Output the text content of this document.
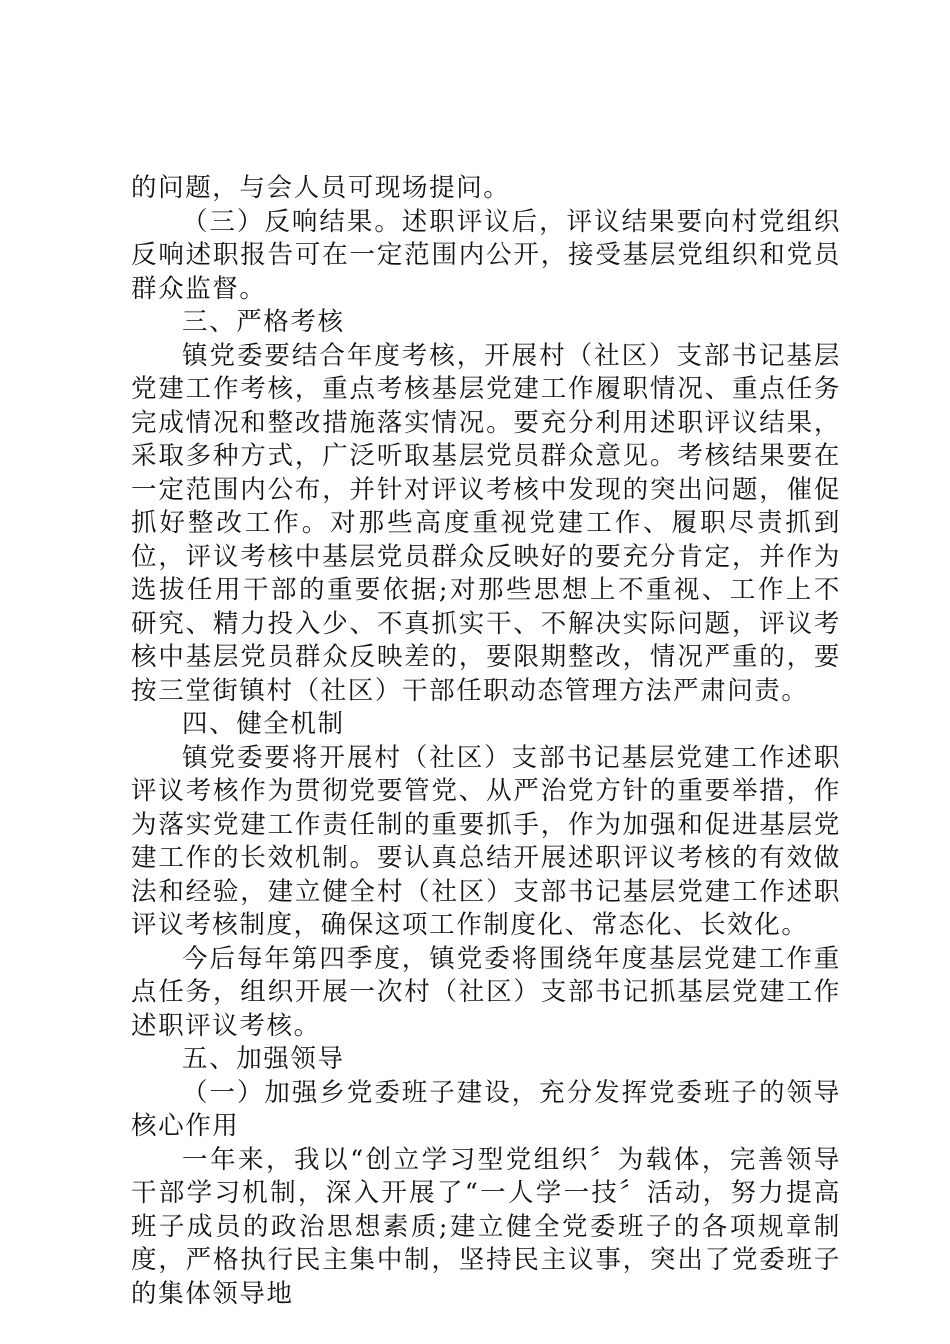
的问题，与会人员可现场提问。

（三）反响结果。述职评议后，评议结果要向村党组织反响述职报告可在一定范围内公开，接受基层党组织和党员群众监督。

三、严格考核

镇党委要结合年度考核，开展村（社区）支部书记基层党建工作考核，重点考核基层党建工作履职情况、重点任务完成情况和整改措施落实情况。要充分利用述职评议结果，采取多种方式，广泛听取基层党员群众意见。考核结果要在一定范围内公布，并针对评议考核中发现的突出问题，催促抓好整改工作。对那些高度重视党建工作、履职尽责抓到位，评议考核中基层党员群众反映好的要充分肯定，并作为选拔任用干部的重要依据;对那些思想上不重视、工作上不研究、精力投入少、不真抓实干、不解决实际问题，评议考核中基层党员群众反映差的，要限期整改，情况严重的，要按三堂街镇村（社区）干部任职动态管理方法严肃问责。

四、健全机制

镇党委要将开展村（社区）支部书记基层党建工作述职评议考核作为贯彻党要管党、从严治党方针的重要举措，作为落实党建工作责任制的重要抓手，作为加强和促进基层党建工作的长效机制。要认真总结开展述职评议考核的有效做法和经验，建立健全村（社区）支部书记基层党建工作述职评议考核制度，确保这项工作制度化、常态化、长效化。

今后每年第四季度，镇党委将围绕年度基层党建工作重点任务，组织开展一次村（社区）支部书记抓基层党建工作述职评议考核。

五、加强领导

（一）加强乡党委班子建设，充分发挥党委班子的领导核心作用

一年来，我以“创立学习型党组织〞为载体，完善领导干部学习机制，深入开展了“一人学一技〞活动，努力提高班子成员的政治思想素质;建立健全党委班子的各项规章制度，严格执行民主集中制，坚持民主议事，突出了党委班子的集体领导地
